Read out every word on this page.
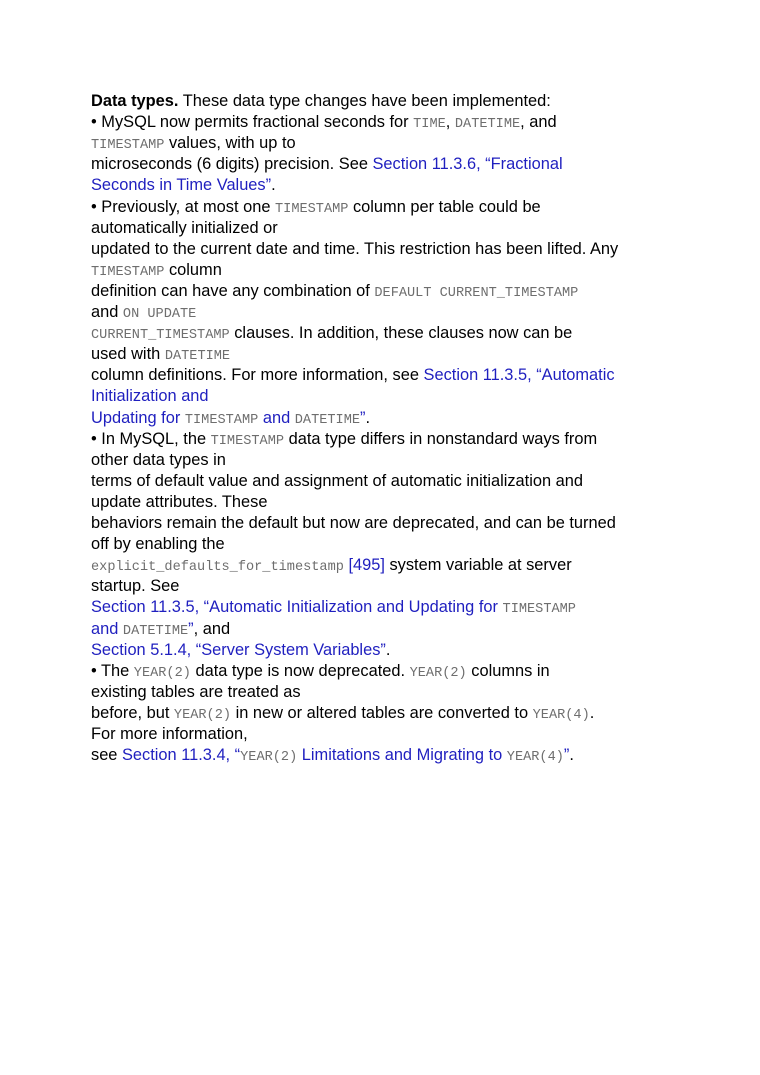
Data types. These data type changes have been implemented:
• MySQL now permits fractional seconds for TIME, DATETIME, and
TIMESTAMP values, with up to
microseconds (6 digits) precision. See Section 11.3.6, “Fractional
Seconds in Time Values”.
• Previously, at most one TIMESTAMP column per table could be
automatically initialized or
updated to the current date and time. This restriction has been lifted. Any
TIMESTAMP column
definition can have any combination of DEFAULT CURRENT_TIMESTAMP
and ON UPDATE
CURRENT_TIMESTAMP clauses. In addition, these clauses now can be
used with DATETIME
column definitions. For more information, see Section 11.3.5, “Automatic
Initialization and
Updating for TIMESTAMP and DATETIME”.
• In MySQL, the TIMESTAMP data type differs in nonstandard ways from
other data types in
terms of default value and assignment of automatic initialization and
update attributes. These
behaviors remain the default but now are deprecated, and can be turned
off by enabling the
explicit_defaults_for_timestamp [495] system variable at server
startup. See
Section 11.3.5, “Automatic Initialization and Updating for TIMESTAMP
and DATETIME”, and
Section 5.1.4, “Server System Variables”.
• The YEAR(2) data type is now deprecated. YEAR(2) columns in
existing tables are treated as
before, but YEAR(2) in new or altered tables are converted to YEAR(4).
For more information,
see Section 11.3.4, “YEAR(2) Limitations and Migrating to YEAR(4)”.
